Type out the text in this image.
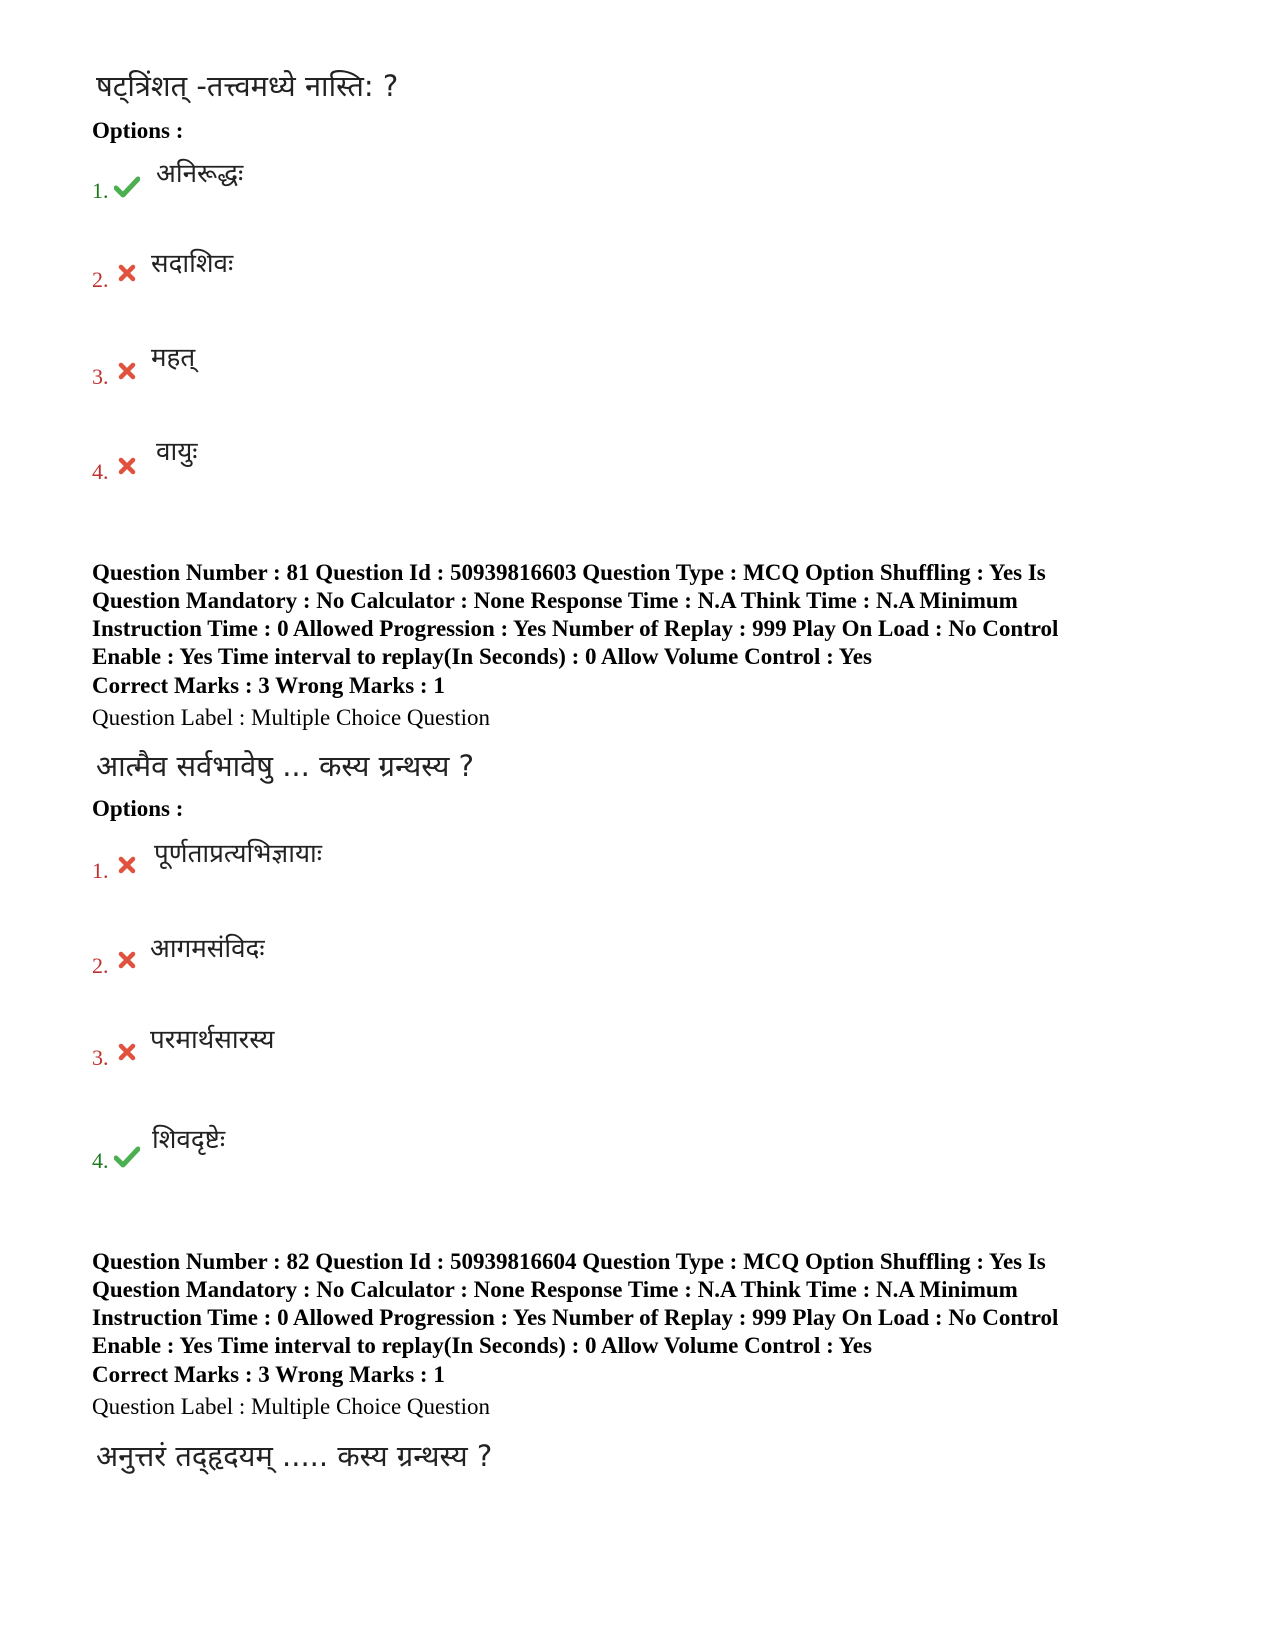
षट्त्रिंशत् -तत्त्वमध्ये नास्ति: ?
Options :
1.
अनिरूद्धः
2.
सदाशिवः
3.
महत्
4.
वायुः
Question Number : 81 Question Id : 50939816603 Question Type : MCQ Option Shuffling : Yes Is
Question Mandatory : No Calculator : None Response Time : N.A Think Time : N.A Minimum
Instruction Time : 0 Allowed Progression : Yes Number of Replay : 999 Play On Load : No Control
Enable : Yes Time interval to replay(In Seconds) : 0 Allow Volume Control : Yes
Correct Marks : 3 Wrong Marks : 1
Question Label : Multiple Choice Question
आत्मैव सर्वभावेषु ... कस्य ग्रन्थस्य ?
Options :
1.
पूर्णताप्रत्यभिज्ञायाः
2.
आगमसंविदः
3.
परमार्थसारस्य
4.
शिवदृष्टेः
Question Number : 82 Question Id : 50939816604 Question Type : MCQ Option Shuffling : Yes Is
Question Mandatory : No Calculator : None Response Time : N.A Think Time : N.A Minimum
Instruction Time : 0 Allowed Progression : Yes Number of Replay : 999 Play On Load : No Control
Enable : Yes Time interval to replay(In Seconds) : 0 Allow Volume Control : Yes
Correct Marks : 3 Wrong Marks : 1
Question Label : Multiple Choice Question
अनुत्तरं तद्हृदयम् ..... कस्य ग्रन्थस्य ?
